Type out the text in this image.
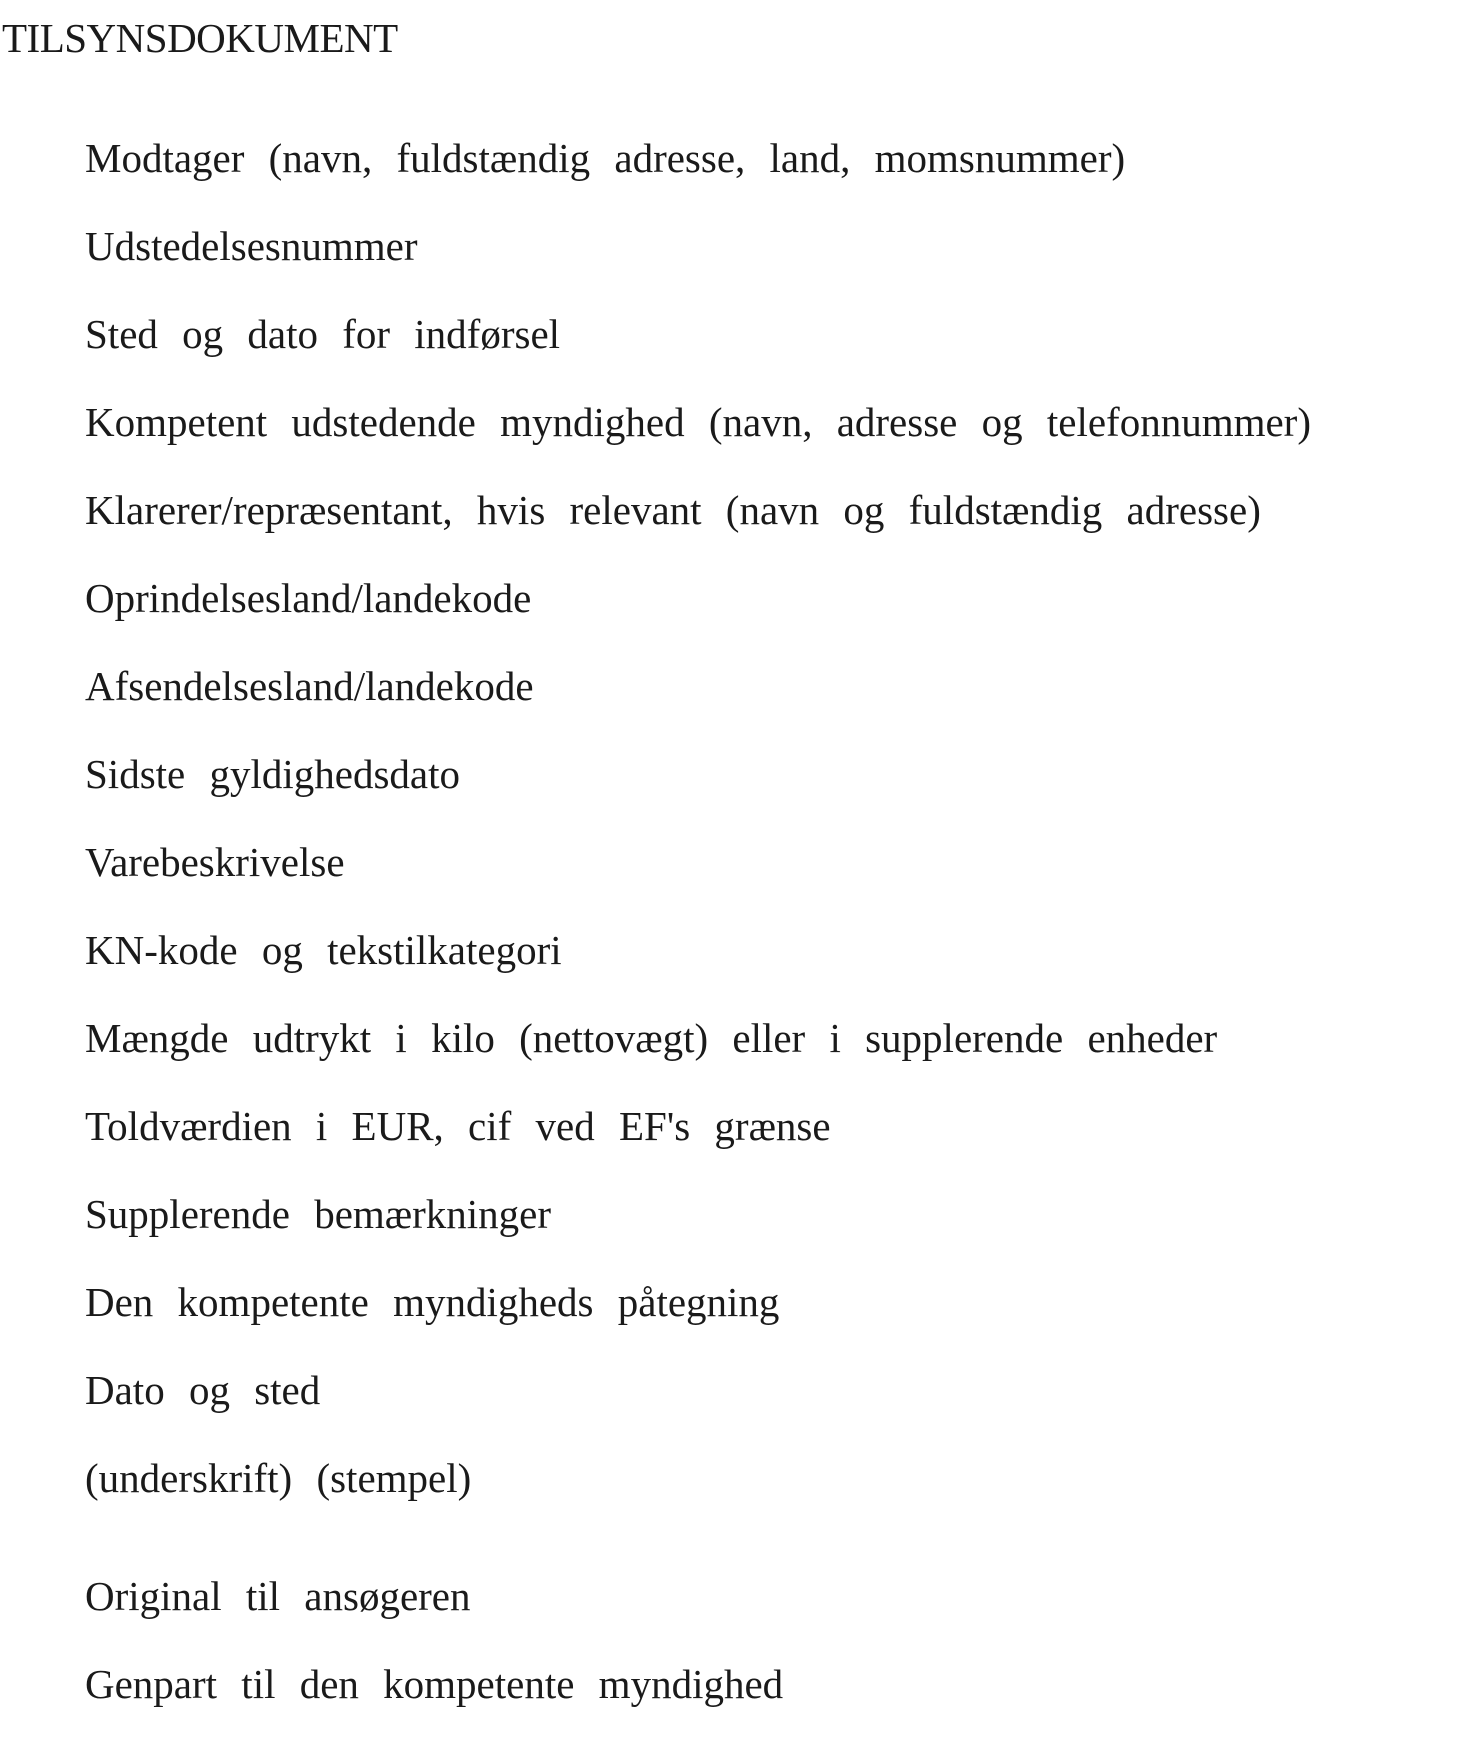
TILSYNSDOKUMENT
Modtager (navn, fuldstændig adresse, land, momsnummer)
Udstedelsesnummer
Sted og dato for indførsel
Kompetent udstedende myndighed (navn, adresse og telefonnummer)
Klarerer/repræsentant, hvis relevant (navn og fuldstændig adresse)
Oprindelsesland/landekode
Afsendelsesland/landekode
Sidste gyldighedsdato
Varebeskrivelse
KN-kode og tekstilkategori
Mængde udtrykt i kilo (nettovægt) eller i supplerende enheder
Toldværdien i EUR, cif ved EF's grænse
Supplerende bemærkninger
Den kompetente myndigheds påtegning
Dato og sted
(underskrift) (stempel)
Original til ansøgeren
Genpart til den kompetente myndighed
